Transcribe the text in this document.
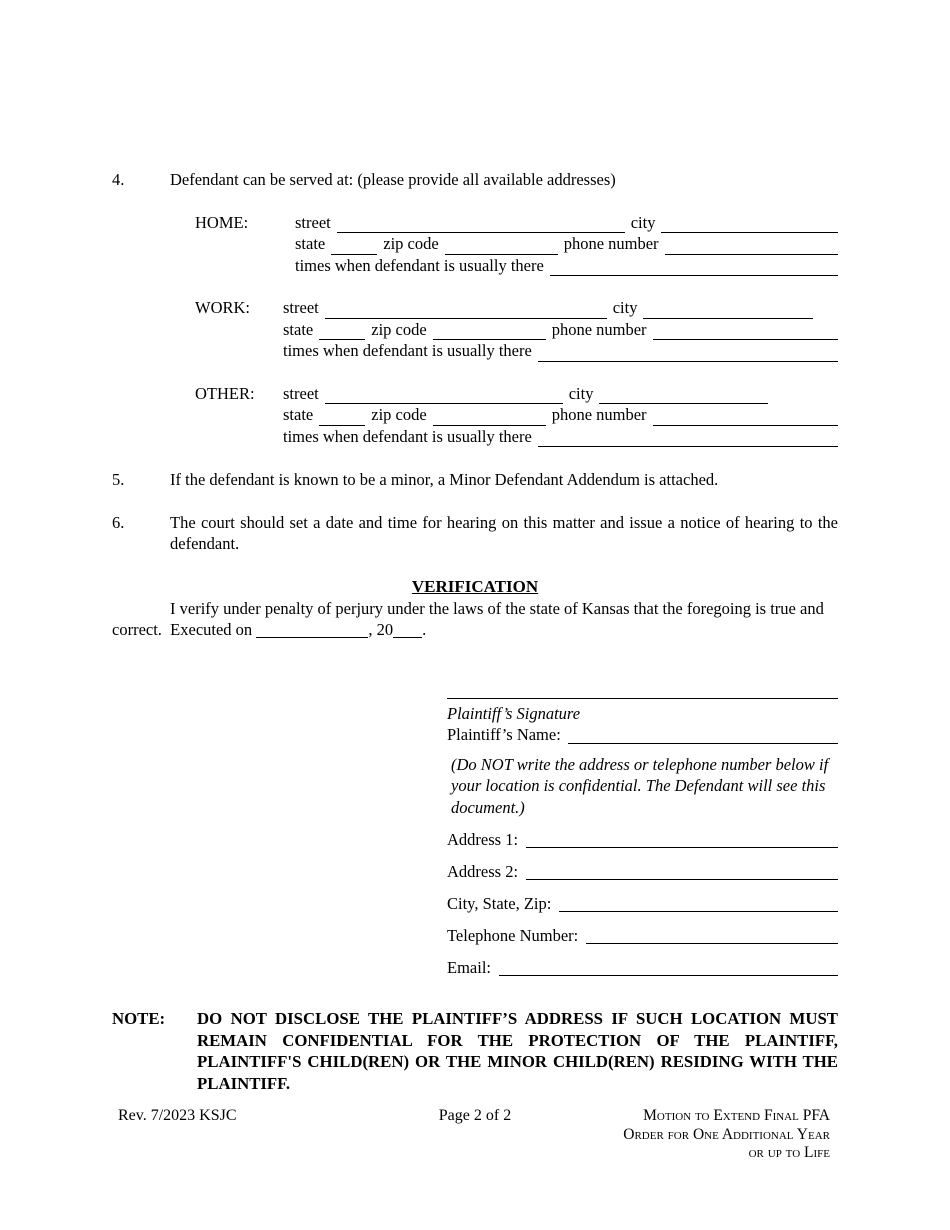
4.	Defendant can be served at: (please provide all available addresses)
HOME:	street	city
state	zip code	phone number
times when defendant is usually there
WORK:	street	city
state	zip code	phone number
times when defendant is usually there
OTHER:	street	city
state	zip code	phone number
times when defendant is usually there
5.	If the defendant is known to be a minor, a Minor Defendant Addendum is attached.
6.	The court should set a date and time for hearing on this matter and issue a notice of hearing to the defendant.
VERIFICATION
I verify under penalty of perjury under the laws of the state of Kansas that the foregoing is true and correct.  Executed on	, 20 .
Plaintiff’s Signature
Plaintiff’s Name:
(Do NOT write the address or telephone number below if your location is confidential. The Defendant will see this document.)
Address 1:
Address 2:
City, State, Zip:
Telephone Number:
Email:
NOTE:	DO NOT DISCLOSE THE PLAINTIFF’S ADDRESS IF SUCH LOCATION MUST REMAIN CONFIDENTIAL FOR THE PROTECTION OF THE PLAINTIFF, PLAINTIFF'S CHILD(REN) OR THE MINOR CHILD(REN) RESIDING WITH THE PLAINTIFF.
Rev. 7/2023 KSJC	Page 2 of 2	Motion to Extend Final PFA
Order for One Additional Year
or up to Life
